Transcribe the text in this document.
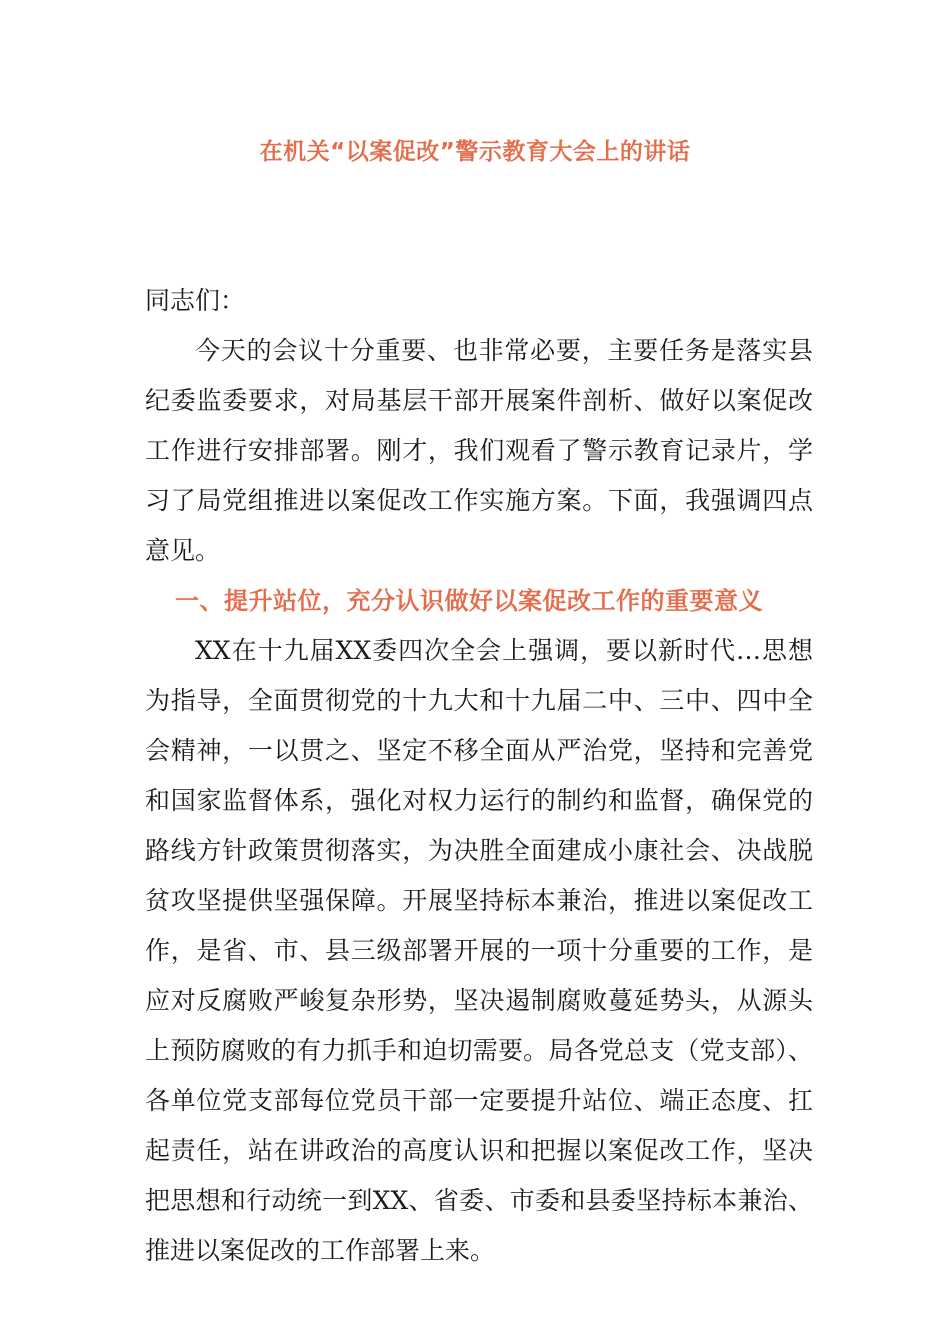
在机关“以案促改”警示教育大会上的讲话

同志们：

今天的会议十分重要、也非常必要，主要任务是落实县纪委监委要求，对局基层干部开展案件剖析、做好以案促改工作进行安排部署。刚才，我们观看了警示教育记录片，学习了局党组推进以案促改工作实施方案。下面，我强调四点意见。

一、提升站位，充分认识做好以案促改工作的重要意义

XX在十九届XX委四次全会上强调，要以新时代…思想为指导，全面贯彻党的十九大和十九届二中、三中、四中全会精神，一以贯之、坚定不移全面从严治党，坚持和完善党和国家监督体系，强化对权力运行的制约和监督，确保党的路线方针政策贯彻落实，为决胜全面建成小康社会、决战脱贫攻坚提供坚强保障。开展坚持标本兼治，推进以案促改工作，是省、市、县三级部署开展的一项十分重要的工作，是应对反腐败严峻复杂形势，坚决遏制腐败蔓延势头，从源头上预防腐败的有力抓手和迫切需要。局各党总支（党支部）、各单位党支部每位党员干部一定要提升站位、端正态度、扛起责任，站在讲政治的高度认识和把握以案促改工作，坚决把思想和行动统一到XX、省委、市委和县委坚持标本兼治、推进以案促改的工作部署上来。
